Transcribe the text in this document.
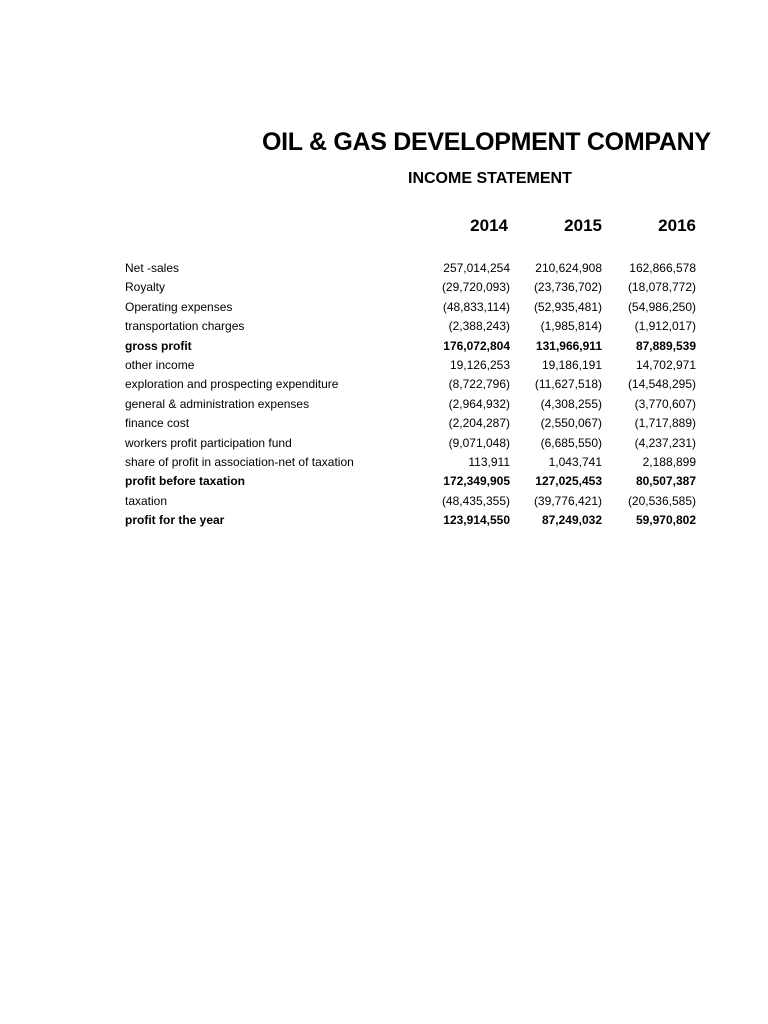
OIL & GAS DEVELOPMENT COMPANY
INCOME STATEMENT
2014	2015	2016
Net -sales	257,014,254	210,624,908	162,866,578
Royalty	(29,720,093)	(23,736,702)	(18,078,772)
Operating expenses	(48,833,114)	(52,935,481)	(54,986,250)
transportation charges	(2,388,243)	(1,985,814)	(1,912,017)
gross profit	176,072,804	131,966,911	87,889,539
other income	19,126,253	19,186,191	14,702,971
exploration and prospecting expenditure	(8,722,796)	(11,627,518)	(14,548,295)
general & administration expenses	(2,964,932)	(4,308,255)	(3,770,607)
finance cost	(2,204,287)	(2,550,067)	(1,717,889)
workers profit participation fund	(9,071,048)	(6,685,550)	(4,237,231)
share of profit in association-net of taxation	113,911	1,043,741	2,188,899
profit before taxation	172,349,905	127,025,453	80,507,387
taxation	(48,435,355)	(39,776,421)	(20,536,585)
profit for the year	123,914,550	87,249,032	59,970,802
